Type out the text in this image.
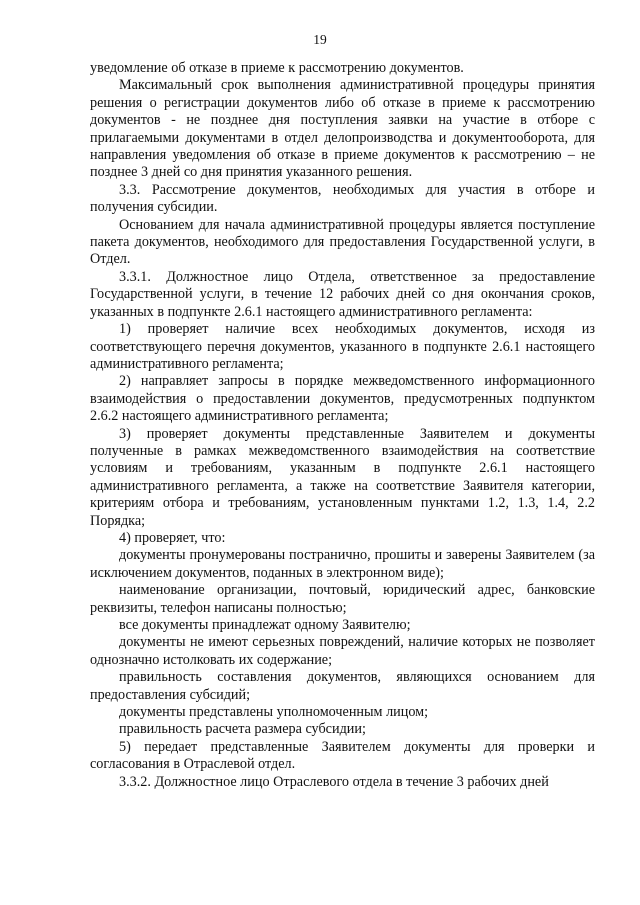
19

уведомление об отказе в приеме к рассмотрению документов.

Максимальный срок выполнения административной процедуры принятия решения о регистрации документов либо об отказе в приеме к рассмотрению документов - не позднее дня поступления заявки на участие в отборе с прилагаемыми документами в отдел делопроизводства и документооборота, для направления уведомления об отказе в приеме документов к рассмотрению – не позднее 3 дней со дня принятия указанного решения.

3.3. Рассмотрение документов, необходимых для участия в отборе и получения субсидии.

Основанием для начала административной процедуры является поступление пакета документов, необходимого для предоставления Государственной услуги, в Отдел.

3.3.1. Должностное лицо Отдела, ответственное за предоставление Государственной услуги, в течение 12 рабочих дней со дня окончания сроков, указанных в подпункте 2.6.1 настоящего административного регламента:

1) проверяет наличие всех необходимых документов, исходя из соответствующего перечня документов, указанного в подпункте 2.6.1 настоящего административного регламента;

2) направляет запросы в порядке межведомственного информационного взаимодействия о предоставлении документов, предусмотренных подпунктом 2.6.2 настоящего административного регламента;

3) проверяет документы представленные Заявителем и документы полученные в рамках межведомственного взаимодействия на соответствие условиям и требованиям, указанным в подпункте 2.6.1 настоящего административного регламента, а также на соответствие Заявителя категории, критериям отбора и требованиям, установленным пунктами 1.2, 1.3, 1.4, 2.2 Порядка;

4) проверяет, что:

документы пронумерованы постранично, прошиты и заверены Заявителем (за исключением документов, поданных в электронном виде);

наименование организации, почтовый, юридический адрес, банковские реквизиты, телефон написаны полностью;

все документы принадлежат одному Заявителю;

документы не имеют серьезных повреждений, наличие которых не позволяет однозначно истолковать их содержание;

правильность составления документов, являющихся основанием для предоставления субсидий;

документы представлены уполномоченным лицом;

правильность расчета размера субсидии;

5) передает представленные Заявителем документы для проверки и согласования в Отраслевой отдел.

3.3.2. Должностное лицо Отраслевого отдела в течение 3 рабочих дней
